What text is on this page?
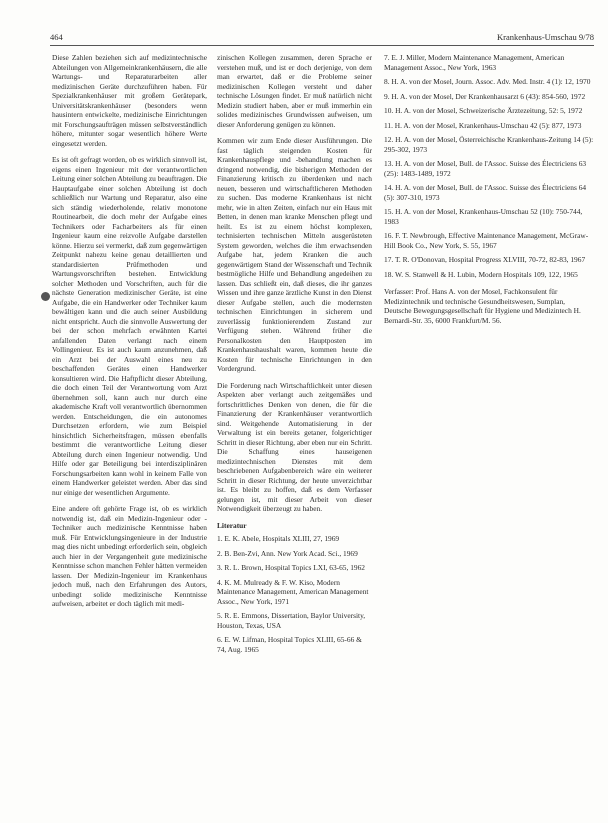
464	Krankenhaus-Umschau 9/78

Diese Zahlen beziehen sich auf medizintechnische Abteilungen von Allgemeinkrankenhäusern, die alle Wartungs- und Reparaturarbeiten aller medizinischen Geräte durchzuführen haben. Für Spezialkrankenhäuser mit großem Gerätepark, Universitätskrankenhäuser (besonders wenn hausintern entwickelte, medizinische Einrichtungen mit Forschungsaufträgen müssen selbstverständlich höhere, mitunter sogar wesentlich höhere Werte eingesetzt werden.

Es ist oft gefragt worden, ob es wirklich sinnvoll ist, eigens einen Ingenieur mit der verantwortlichen Leitung einer solchen Abteilung zu beauftragen. Die Hauptaufgabe einer solchen Abteilung ist doch schließlich nur Wartung und Reparatur, also eine sich ständig wiederholende, relativ monotone Routinearbeit, die doch mehr der Aufgabe eines Technikers oder Facharbeiters als für einen Ingenieur kaum eine reizvolle Aufgabe darstellen könne. Hierzu sei vermerkt, daß zum gegenwärtigen Zeitpunkt nahezu keine genau detaillierten und standardisierten Prüfmethoden und Wartungsvorschriften bestehen. Entwicklung solcher Methoden und Vorschriften, auch für die nächste Generation medizinischer Geräte, ist eine Aufgabe, die ein Handwerker oder Techniker kaum bewältigen kann und die auch seiner Ausbildung nicht entspricht. Auch die sinnvolle Auswertung der bei der schon mehrfach erwähnten Kartei anfallenden Daten verlangt nach einem Vollingenieur. Es ist auch kaum anzunehmen, daß ein Arzt bei der Auswahl eines neu zu beschaffenden Gerätes einen Handwerker konsultieren wird. Die Haftpflicht dieser Abteilung, die doch einen Teil der Verantwortung vom Arzt übernehmen soll, kann auch nur durch eine akademische Kraft voll verantwortlich übernommen werden. Entscheidungen, die ein autonomes Durchsetzen erfordern, wie zum Beispiel hinsichtlich Sicherheitsfragen, müssen ebenfalls bestimmt die verantwortliche Leitung dieser Abteilung durch einen Ingenieur notwendig. Und Hilfe oder gar Beteiligung bei interdisziplinären Forschungsarbeiten kann wohl in keinem Falle von einem Handwerker geleistet werden. Aber das sind nur einige der wesentlichen Argumente.

Eine andere oft gehörte Frage ist, ob es wirklich notwendig ist, daß ein Medizin-Ingenieur oder -Techniker auch medizinische Kenntnisse haben muß. Für Entwicklungsingenieure in der Industrie mag dies nicht unbedingt erforderlich sein, obgleich auch hier in der Vergangenheit gute medizinische Kenntnisse schon manchen Fehler hätten vermeiden lassen. Der Medizin-Ingenieur im Krankenhaus jedoch muß, nach den Erfahrungen des Autors, unbedingt solide medizinische Kenntnisse aufweisen, arbeitet er doch täglich mit medi-

zinischen Kollegen zusammen, deren Sprache er verstehen muß, und ist er doch derjenige, von dem man erwartet, daß er die Probleme seiner medizinischen Kollegen versteht und daher technische Lösungen findet. Er muß natürlich nicht Medizin studiert haben, aber er muß immerhin ein solides medizinisches Grundwissen aufweisen, um dieser Anforderung genügen zu können.

Kommen wir zum Ende dieser Ausführungen. Die fast täglich steigenden Kosten für Krankenhauspflege und -behandlung machen es dringend notwendig, die bisherigen Methoden der Finanzierung kritisch zu überdenken und nach neuen, besseren und wirtschaftlicheren Methoden zu suchen. Das moderne Krankenhaus ist nicht mehr, wie in alten Zeiten, einfach nur ein Haus mit Betten, in denen man kranke Menschen pflegt und heilt. Es ist zu einem höchst komplexen, technisierten technischen Mitteln ausgerüsteten System geworden, welches die ihm erwachsenden Aufgabe hat, jedem Kranken die auch gegenwärtigem Stand der Wissenschaft und Technik bestmögliche Hilfe und Behandlung angedeihen zu lassen. Das schließt ein, daß dieses, die ihr ganzes Wissen und ihre ganze ärztliche Kunst in den Dienst dieser Aufgabe stellen, auch die modernsten technischen Einrichtungen in sicherem und zuverlässig funktionierendem Zustand zur Verfügung stehen. Während früher die Personalkosten den Hauptposten im Krankenhaushaushalt waren, kommen heute die Kosten für technische Einrichtungen in den Vordergrund.

Die Forderung nach Wirtschaftlichkeit unter diesen Aspekten aber verlangt auch zeitgemäßes und fortschrittliches Denken von denen, die für die Finanzierung der Krankenhäuser verantwortlich sind. Weitgehende Automatisierung in der Verwaltung ist ein bereits getaner, folgerichtiger Schritt in dieser Richtung, aber eben nur ein Schritt. Die Schaffung eines hauseigenen medizintechnischen Dienstes mit dem beschriebenen Aufgabenbereich wäre ein weiterer Schritt in dieser Richtung, der heute unverzichtbar ist. Es bleibt zu hoffen, daß es dem Verfasser gelungen ist, mit dieser Arbeit von dieser Notwendigkeit überzeugt zu haben.

Literatur
1. E. K. Abele, Hospitals XLIII, 27, 1969
2. B. Ben-Zvi, Ann. New York Acad. Sci., 1969
3. R. L. Brown, Hospital Topics LXI, 63-65, 1962
4. K. M. Mulready & F. W. Kiso, Modern Maintenance Management, American Management Assoc., New York, 1971
5. R. E. Emmons, Dissertation, Baylor University, Houston, Texas, USA
6. E. W. Lifman, Hospital Topics XLIII, 65-66 & 74, Aug. 1965
7. E. J. Miller, Modern Maintenance Management, American Management Assoc., New York, 1963
8. H. A. von der Mosel, Journ. Assoc. Adv. Med. Instr. 4 (1): 12, 1970
9. H. A. von der Mosel, Der Krankenhausarzt 6 (43): 854-560, 1972
10. H. A. von der Mosel, Schweizerische Ärztezeitung, 52: 5, 1972
11. H. A. von der Mosel, Krankenhaus-Umschau 42 (5): 877, 1973
12. H. A. von der Mosel, Österreichische Krankenhaus-Zeitung 14 (5): 295-302, 1973
13. H. A. von der Mosel, Bull. de l'Assoc. Suisse des Électriciens 63 (25): 1483-1489, 1972
14. H. A. von der Mosel, Bull. de l'Assoc. Suisse des Électriciens 64 (5): 307-310, 1973
15. H. A. von der Mosel, Krankenhaus-Umschau 52 (10): 750-744, 1983
16. F. T. Newbrough, Effective Maintenance Management, McGraw-Hill Book Co., New York, S. 55, 1967
17. T. R. O'Donovan, Hospital Progress XLVIII, 70-72, 82-83, 1967
18. W. S. Stanwell & H. Lubin, Modern Hospitals 109, 122, 1965
Verfasser: Prof. Hans A. von der Mosel, Fachkonsulent für Medizintechnik und technische Gesundheitswesen, Sumplan, Deutsche Bewegungsgesellschaft für Hygiene und Medizintech H. Bernardi-Str. 35, 6000 Frankfurt/M. 56.
